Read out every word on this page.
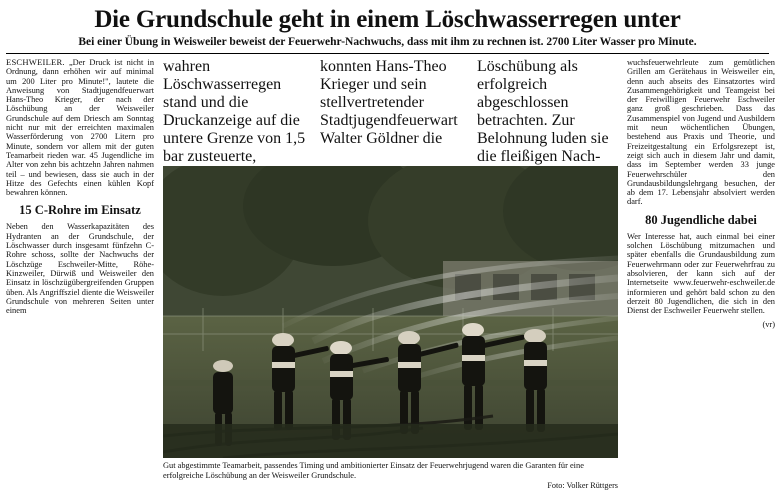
Die Grundschule geht in einem Löschwasserregen unter
Bei einer Übung in Weisweiler beweist der Feuerwehr-Nachwuchs, dass mit ihm zu rechnen ist. 2700 Liter Wasser pro Minute.
ESCHWEILER. „Der Druck ist nicht in Ordnung, dann erhöhen wir auf minimal um 200 Liter pro Minute!", lautete die Anweisung von Stadtjugendfeuerwart Hans-Theo Krieger, der nach der Löschübung an der Weisweiler Grundschule auf dem Driesch am Sonntag nicht nur mit der erreichten maximalen Wasserförderung von 2700 Litern pro Minute, sondern vor allem mit der guten Teamarbeit rieden war. 45 Jugendliche im Alter von zehn bis achtzehn Jahren nahmen teil – und bewiesen, dass sie auch in der Hitze des Gefechts einen kühlen Kopf bewahren können.
15 C-Rohre im Einsatz
Neben den Wasserkapazitäten des Hydranten an der Grundschule, der Löschwasser durch insgesamt fünfzehn C-Rohre schoss, sollte der Nachwuchs der Löschzüge Eschweiler-Mitte, Röhe-Kinzweiler, Dürwiß und Weisweiler den Einsatz in löschzügübergreifenden Gruppen üben. Als Angriffsziel diente die Weisweiler Grundschule von mehreren Seiten unter einem
wahren Löschwasserregen stand und die Druckanzeige auf die untere Grenze von 1,5 bar zusteuerte,
konnten Hans-Theo Krieger und sein stellvertretender Stadtjugendfeuerwart Walter Göldner die
Löschübung als erfolgreich abgeschlossen betrachten. Zur Belohnung luden sie die fleißigen Nach-
Gut abgestimmte Teamarbeit, passendes Timing und ambitionierter Einsatz der Feuerwehrjugend waren die Garanten für eine erfolgreiche Löschübung an der Weisweiler Grundschule.
Foto: Volker Rüttgers
wuchsfeuerwehrleute zum gemütlichen Grillen am Gerätehaus in Weisweiler ein, denn auch abseits des Einsatzortes wird Zusammengehörigkeit und Teamgeist bei der Freiwilligen Feuerwehr Eschweiler ganz groß geschrieben. Dass das Zusammenspiel von Jugend und Ausbildern mit neun wöchentlichen Übungen, bestehend aus Praxis und Theorie, und Freizeitgestaltung ein Erfolgsrezept ist, zeigt sich auch in diesem Jahr und damit, dass im September werden 33 junge Feuerwehrschüler den Grundausbildungslehrgang besuchen, der ab dem 17. Lebensjahr absolviert werden darf.
80 Jugendliche dabei
Wer Interesse hat, auch einmal bei einer solchen Löschübung mitzumachen und später ebenfalls die Grundausbildung zum Feuerwehrmann oder zur Feuerwehrfrau zu absolvieren, der kann sich auf der Internetseite www.feuerwehr-eschweiler.de informieren und gehört bald schon zu den derzeit 80 Jugendlichen, die sich in den Dienst der Eschweiler Feuerwehr stellen.
(vr)
